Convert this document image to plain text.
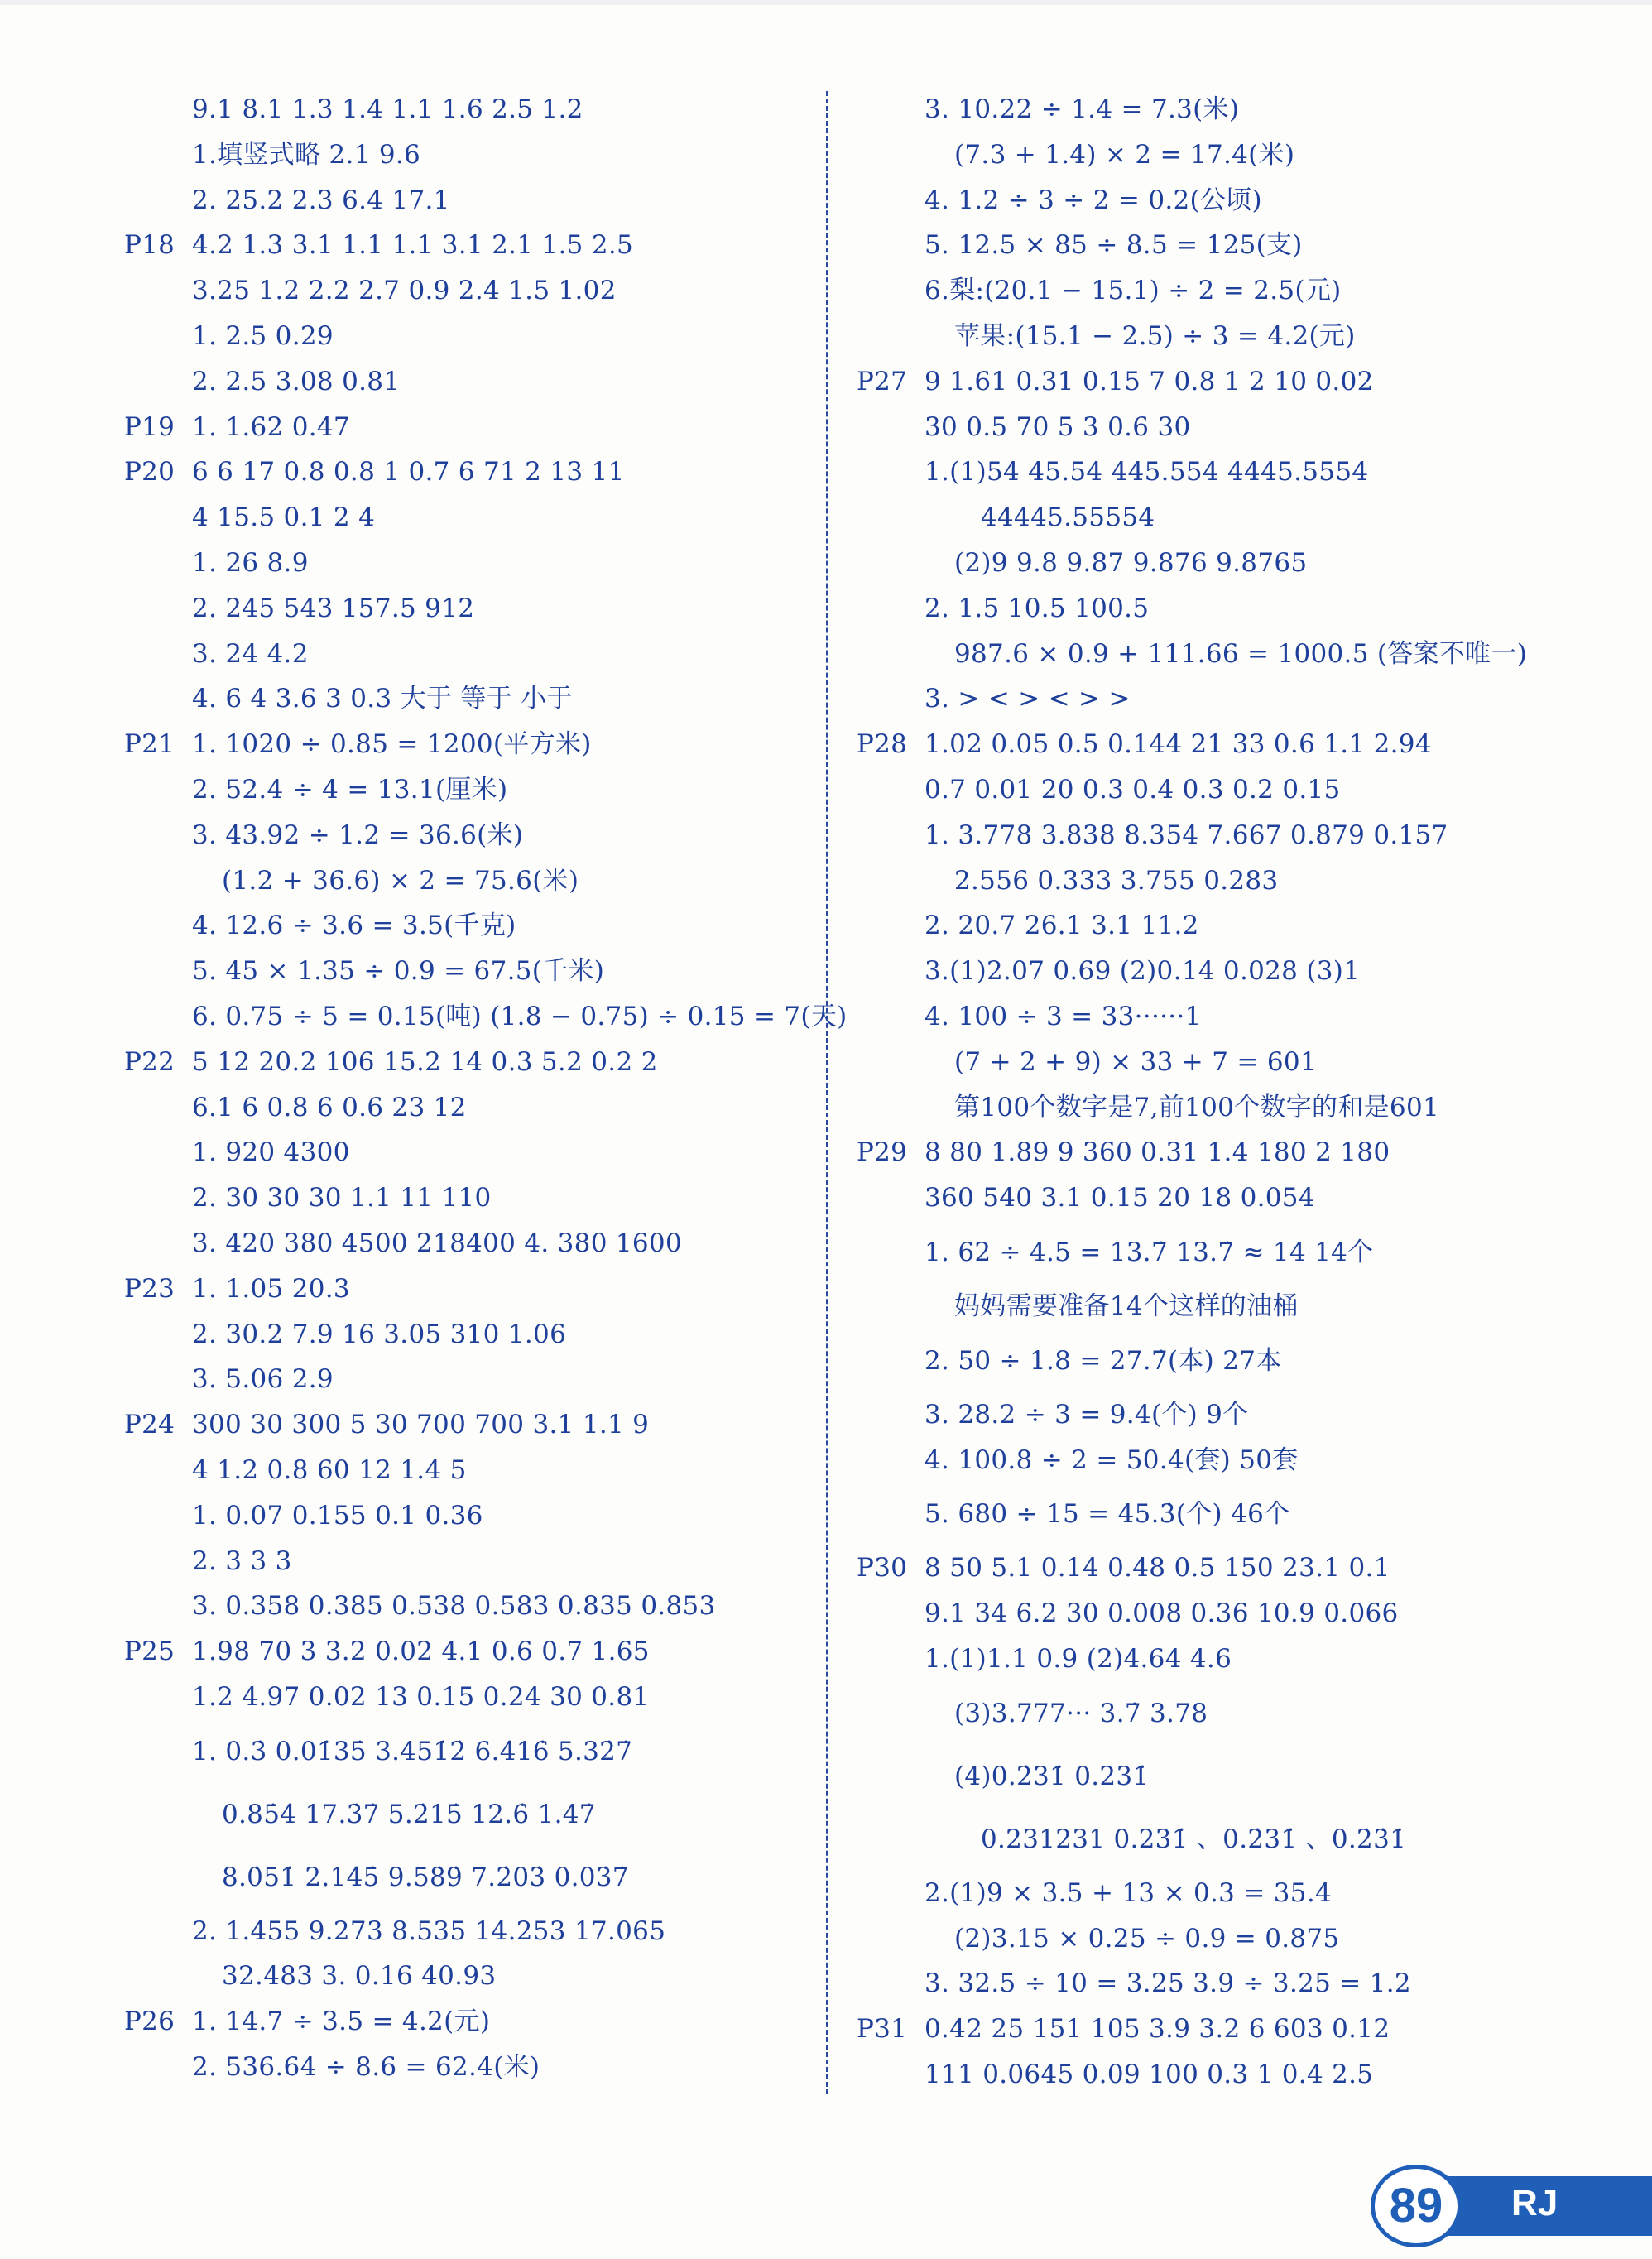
9.1 8.1 1.3 1.4 1.1 1.6 2.5 1.2
1.填竖式略 2.1 9.6
2. 25.2 2.3 6.4 17.1
P18 4.2 1.3 3.1 1.1 1.1 3.1 2.1 1.5 2.5
3.25 1.2 2.2 2.7 0.9 2.4 1.5 1.02
1. 2.5 0.29
2. 2.5 3.08 0.81
P19 1. 1.62 0.47
P20 6 6 17 0.8 0.8 1 0.7 6 71 2 13 11
4 15.5 0.1 2 4
1. 26 8.9
2. 245 543 157.5 912
3. 24 4.2
4. 6 4 3.6 3 0.3 大于 等于 小于
P21 1. 1020 ÷ 0.85 = 1200(平方米)
2. 52.4 ÷ 4 = 13.1(厘米)
3. 43.92 ÷ 1.2 = 36.6(米)
(1.2 + 36.6) × 2 = 75.6(米)
4. 12.6 ÷ 3.6 = 3.5(千克)
5. 45 × 1.35 ÷ 0.9 = 67.5(千米)
6. 0.75 ÷ 5 = 0.15(吨) (1.8 − 0.75) ÷ 0.15 = 7(天)
P22 5 12 20.2 106 15.2 14 0.3 5.2 0.2 2
6.1 6 0.8 6 0.6 23 12
1. 920 4300
2. 30 30 30 1.1 11 110
3. 420 380 4500 218400 4. 380 1600
P23 1. 1.05 20.3
2. 30.2 7.9 16 3.05 310 1.06
3. 5.06 2.9
P24 300 30 300 5 30 700 700 3.1 1.1 9
4 1.2 0.8 60 12 1.4 5
1. 0.07 0.155 0.1 0.36
2. 3 3 3
3. 0.358 0.385 0.538 0.583 0.835 0.853
P25 1.98 70 3 3.2 0.02 4.1 0.6 0.7 1.65
1.2 4.97 0.02 13 0.15 0.24 30 0.81
1. 0.3̇ 0.01̇35̇ 3.451̇2̇ 6.4̇16̇ 5.32̇7̇
0.85̇4̇ 17.3̇7̇ 5.2̇15̇ 12.6̇ 1.47̇
8.0̇51̇ 2.14̇5̇ 9.58̇9̇ 7.2̇03̇ 0.03̇7̇
2. 1.455 9.273 8.535 14.253 17.065
32.483 3. 0.16 40.93
P26 1. 14.7 ÷ 3.5 = 4.2(元)
2. 536.64 ÷ 8.6 = 62.4(米)
3. 10.22 ÷ 1.4 = 7.3(米)
(7.3 + 1.4) × 2 = 17.4(米)
4. 1.2 ÷ 3 ÷ 2 = 0.2(公顷)
5. 12.5 × 85 ÷ 8.5 = 125(支)
6.梨:(20.1 − 15.1) ÷ 2 = 2.5(元)
苹果:(15.1 − 2.5) ÷ 3 = 4.2(元)
P27 9 1.61 0.31 0.15 7 0.8 1 2 10 0.02
30 0.5 70 5 3 0.6 30
1.(1)54 45.54 445.554 4445.5554
44445.55554
(2)9 9.8 9.87 9.876 9.8765
2. 1.5 10.5 100.5
987.6 × 0.9 + 111.66 = 1000.5 (答案不唯一)
3. > < > < > >
P28 1.02 0.05 0.5 0.144 21 33 0.6 1.1 2.94
0.7 0.01 20 0.3 0.4 0.3 0.2 0.15
1. 3.778 3.838 8.354 7.667 0.879 0.157
2.556 0.333 3.755 0.283
2. 20.7 26.1 3.1 11.2
3.(1)2.07 0.69 (2)0.14 0.028 (3)1
4. 100 ÷ 3 = 33······1
(7 + 2 + 9) × 33 + 7 = 601
第100个数字是7,前100个数字的和是601
P29 8 80 1.89 9 360 0.31 1.4 180 2 180
360 540 3.1 0.15 20 18 0.054
1. 62 ÷ 4.5 = 13.7̇ 13.7̇ ≈ 14 14个
妈妈需要准备14个这样的油桶
2. 50 ÷ 1.8 = 27.7̇(本) 27本
3. 28.2 ÷ 3 = 9.4(个) 9个
4. 100.8 ÷ 2 = 50.4(套) 50套
5. 680 ÷ 15 = 45.3̇(个) 46个
P30 8 50 5.1 0.14 0.48 0.5 150 23.1 0.1
9.1 34 6.2 30 0.008 0.36 10.9 0.066
1.(1)1.1 0.9 (2)4.64 4.6
(3)3.777··· 3.7̇ 3.78
(4)0.2̇31̇ 0.231̇
0.231231 0.231̇ 、0.2̇31̇ 、0.2̇3̇1̇
2.(1)9 × 3.5 + 13 × 0.3 = 35.4
(2)3.15 × 0.25 ÷ 0.9 = 0.875
3. 32.5 ÷ 10 = 3.25 3.9 ÷ 3.25 = 1.2
P31 0.42 25 151 105 3.9 3.2 6 603 0.12
111 0.0645 0.09 100 0.3 1 0.4 2.5
89	RJ
